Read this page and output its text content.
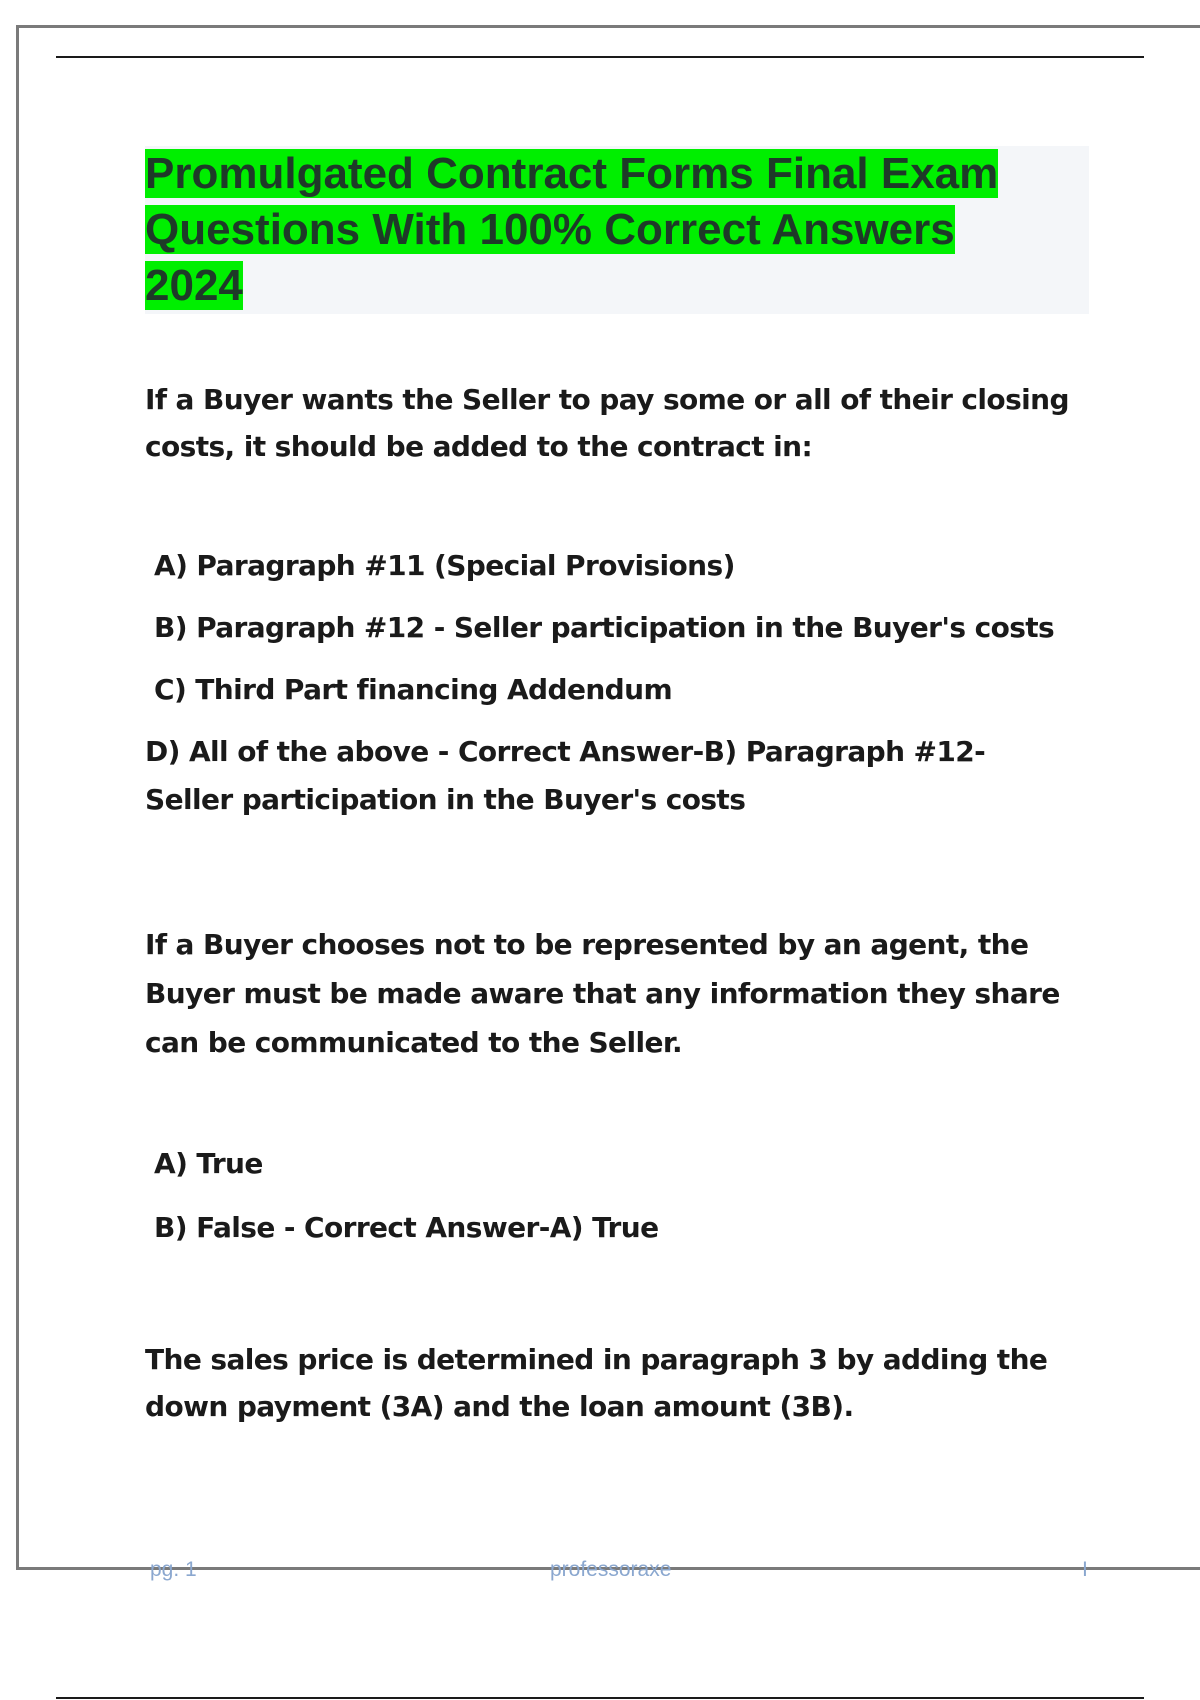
Promulgated Contract Forms Final Exam
Questions With 100% Correct Answers
2024

If a Buyer wants the Seller to pay some or all of their closing costs, it should be added to the contract in:

A) Paragraph #11 (Special Provisions)

B) Paragraph #12 - Seller participation in the Buyer's costs

C) Third Part financing Addendum

D) All of the above - Correct Answer-B) Paragraph #12- Seller participation in the Buyer's costs

If a Buyer chooses not to be represented by an agent, the Buyer must be made aware that any information they share can be communicated to the Seller.

A) True

B) False - Correct Answer-A) True

The sales price is determined in paragraph 3 by adding the down payment (3A) and the loan amount (3B).

pg. 1	professoraxe	I
